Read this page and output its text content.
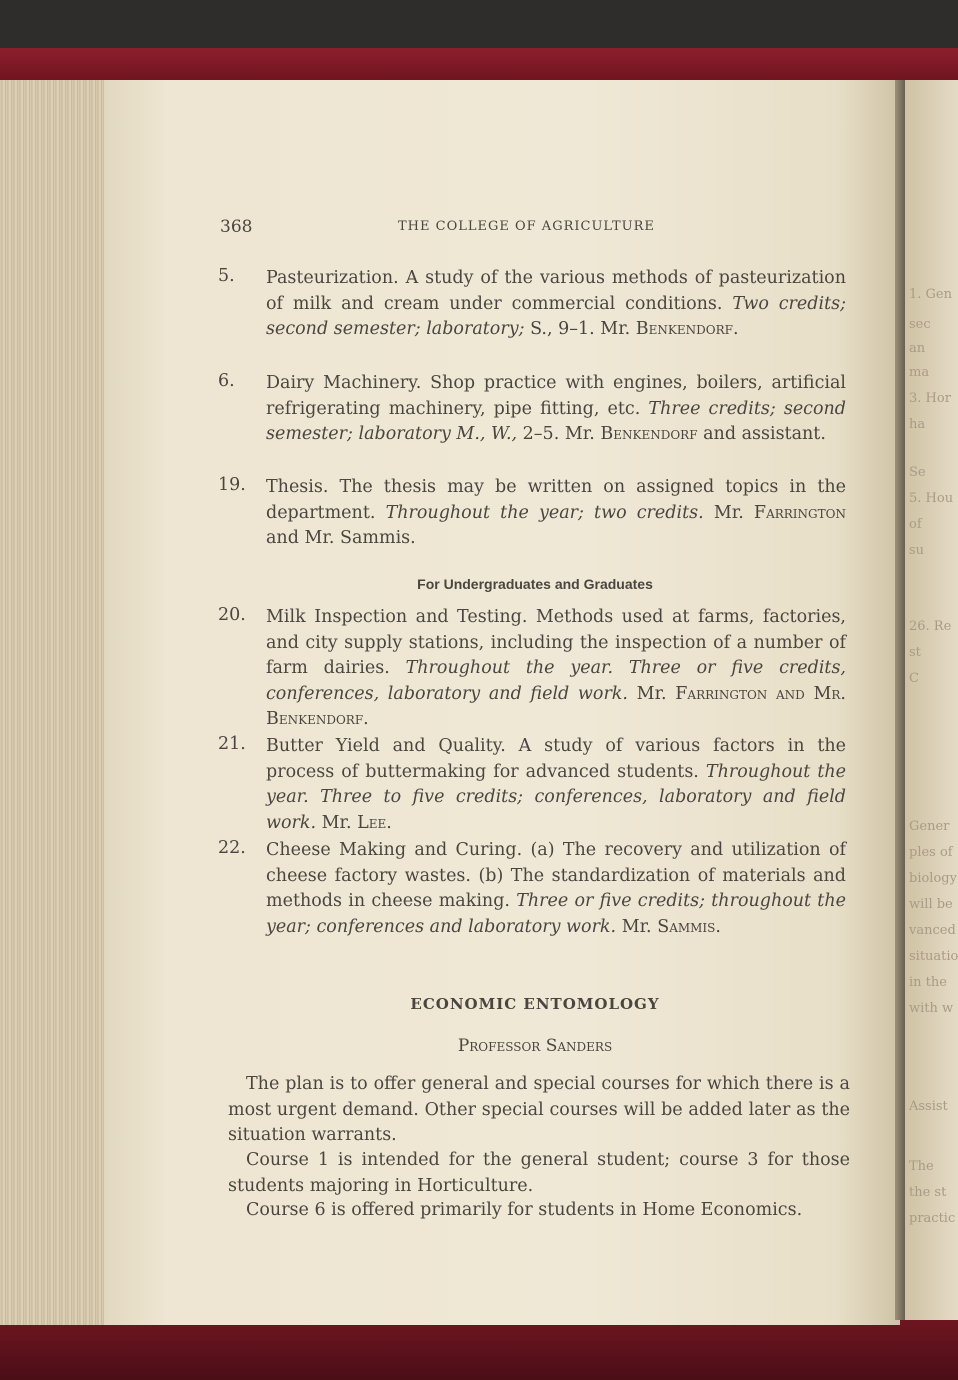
1. Gen
sec
an
ma
3. Hor
ha
Se
5. Hou
of
su
26. Re
st
C
Gener
ples of
biology
will be
vanced
situatio
in the
with w
Assist
The
the st
practic
368	THE COLLEGE OF AGRICULTURE
5.	Pasteurization. A study of the various methods of pasteurization of milk and cream under commercial conditions. Two credits; second semester; laboratory; S., 9–1. Mr. Benkendorf.
6.	Dairy Machinery. Shop practice with engines, boilers, artificial refrigerating machinery, pipe fitting, etc. Three credits; second semester; laboratory M., W., 2–5. Mr. Benkendorf and assistant.
19.	Thesis. The thesis may be written on assigned topics in the department. Throughout the year; two credits. Mr. Farrington and Mr. Sammis.
For Undergraduates and Graduates
20.	Milk Inspection and Testing. Methods used at farms, factories, and city supply stations, including the inspection of a number of farm dairies. Throughout the year. Three or five credits, conferences, laboratory and field work. Mr. Farrington and Mr. Benkendorf.
21.	Butter Yield and Quality. A study of various factors in the process of buttermaking for advanced students. Throughout the year. Three to five credits; conferences, laboratory and field work. Mr. Lee.
22.	Cheese Making and Curing. (a) The recovery and utilization of cheese factory wastes. (b) The standardization of materials and methods in cheese making. Three or five credits; throughout the year; conferences and laboratory work. Mr. Sammis.
ECONOMIC ENTOMOLOGY
Professor Sanders
The plan is to offer general and special courses for which there is a most urgent demand. Other special courses will be added later as the situation warrants.
Course 1 is intended for the general student; course 3 for those students majoring in Horticulture.
Course 6 is offered primarily for students in Home Economics.
